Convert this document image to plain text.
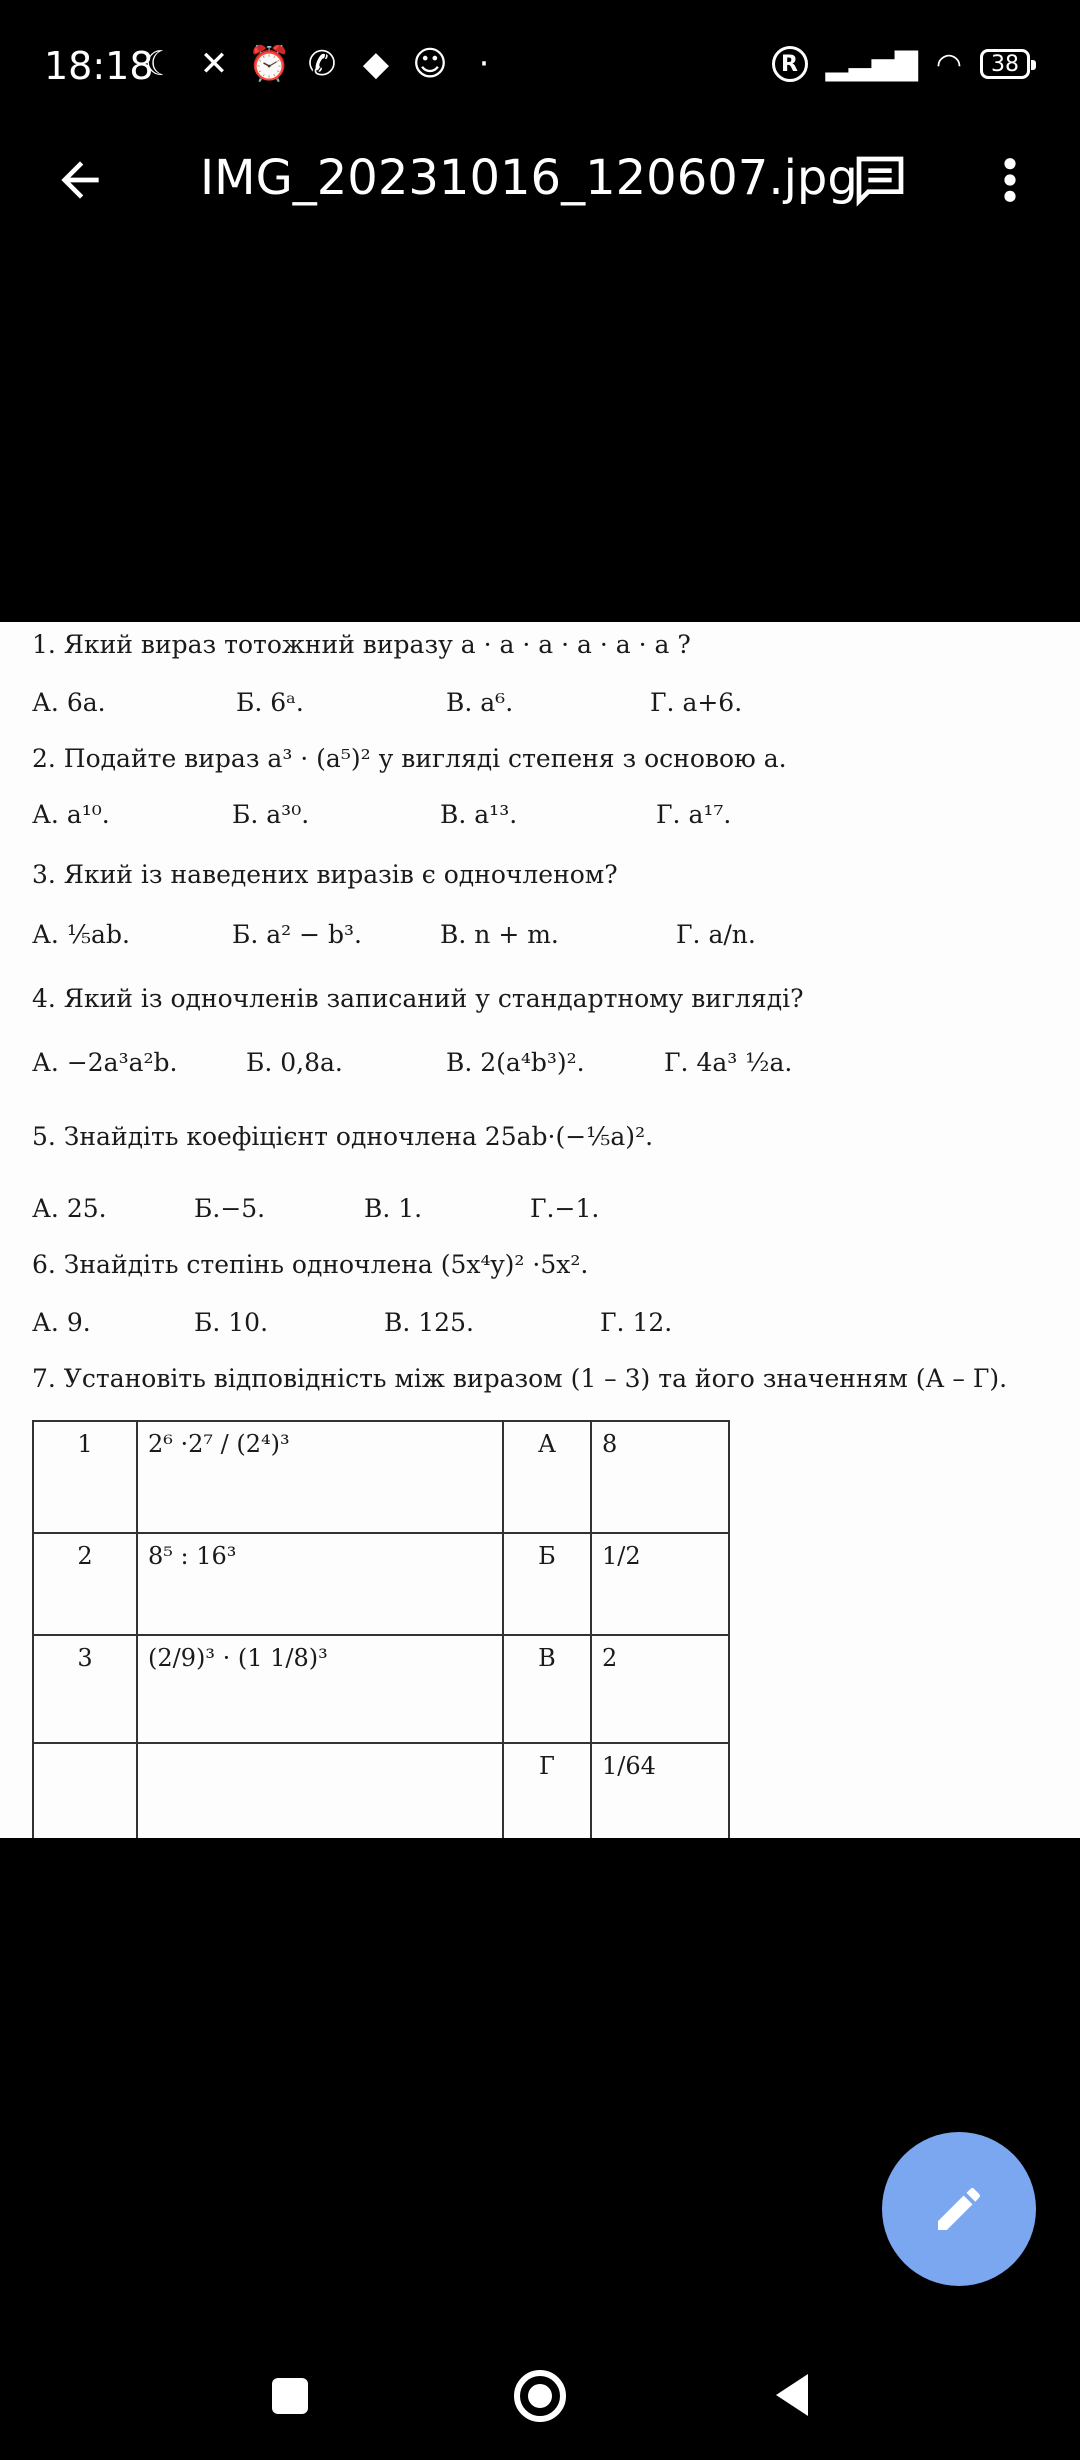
18:18
☾ ✕ ⏰ ✆ ◆ ☺ ·	R ▂▃▅▇ ◠	38
IMG_20231016_120607.jpg
1. Який вираз тотожний виразу a · a · a · a · a · a ?
А. 6a.	Б. 6ᵃ.	В. a⁶.	Г. a+6.
2. Подайте вираз a³ · (a⁵)² у вигляді степеня з основою a.
А. a¹⁰.	Б. a³⁰.	В. a¹³.	Г. a¹⁷.
3. Який із наведених виразів є одночленом?
А. ⅕ab.	Б. a² − b³.	В. n + m.	Г. a/n.
4. Який із одночленів записаний у стандартному вигляді?
А. −2a³a²b.	Б. 0,8a.	В. 2(a⁴b³)².	Г. 4a³ ½a.
5. Знайдіть коефіцієнт одночлена 25ab·(−⅕a)².
А. 25.	Б.−5.	В. 1.	Г.−1.
6. Знайдіть степінь одночлена (5x⁴y)² ·5x².
А. 9.	Б. 10.	В. 125.	Г. 12.
7. Установіть відповідність між виразом (1 – 3) та його значенням (А – Г).
1	2⁶ ·2⁷ / (2⁴)³	А	8
2	8⁵ : 16³	Б	1/2
3	(2/9)³ · (1 1/8)³	В	2
		Г	1/64
